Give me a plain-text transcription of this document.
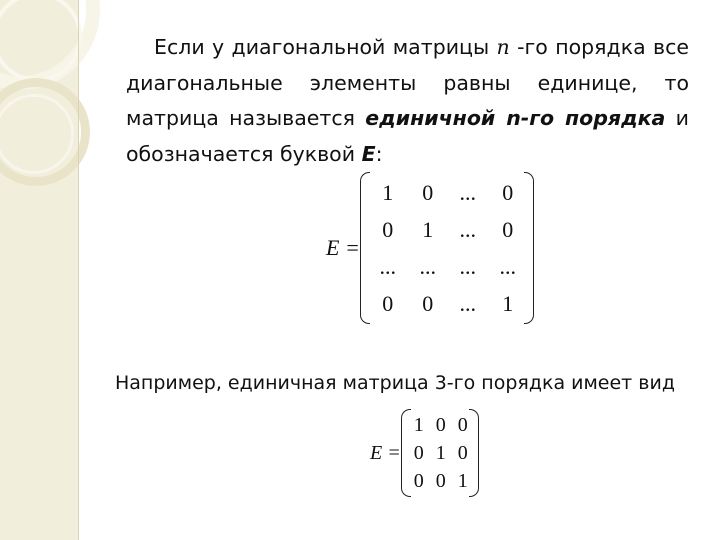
Если у диагональной матрицы n -го порядка все диагональные элементы равны единице, то матрица называется единичной n-го порядка и обозначается буквой E:
E =
1	0	...	0
0	1	...	0
...	...	...	...
0	0	...	1
Например, единичная матрица 3-го порядка имеет вид
E =
1 0 0
0 1 0
0 0 1
